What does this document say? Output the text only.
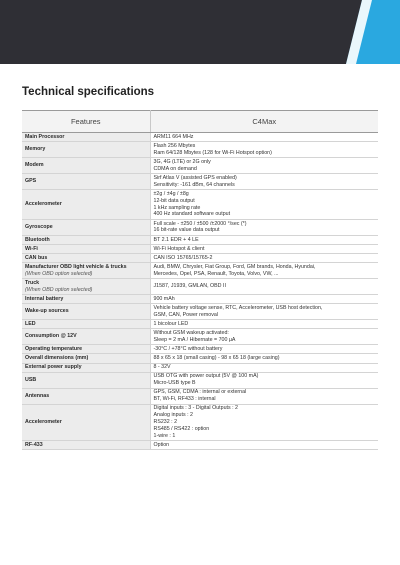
Technical specifications
Features	C4Max
Main Processor	ARM11 664 MHz

Memory	Flash 256 Mbytes
Ram 64/128 Mbytes (128 for Wi-Fi Hotspot option)

Modem	3G, 4G (LTE) or 2G only
CDMA on demand

GPS	Sirf Atlas V (assisted GPS enabled)
Sensitivity: -161 dBm, 64 channels

Accelerometer	±2g / ±4g / ±8g
12-bit data output
1 kHz sampling rate
400 Hz standard software output

Gyroscope	Full scale - ±250 / ±500 /±2000 °/sec (*)
16 bit-rate value data output

Bluetooth	BT 2.1 EDR + 4 LE

Wi-Fi	Wi-Fi Hotspot & client

CAN bus	CAN ISO 15765/15765-2

Manufacturer OBD light vehicle & trucks
(When OBD option selected)	Audi, BMW, Chrysler, Fiat Group, Ford, GM brands, Honda, Hyundai,
Mercedes, Opel, PSA, Renault, Toyota, Volvo, VW, ...

Truck
(When OBD option selected)	J1587, J1939, GMLAN, OBD II

Internal battery	900 mAh

Wake-up sources	Vehicle battery voltage sense, RTC, Accelerometer, USB host detection,
GSM, CAN, Power removal

LED	1 bicolour LED

Consumption @ 12V	Without GSM wakeup activated:
Sleep = 2 mA / Hibernate = 700 µA

Operating temperature	-30°C / +78°C without battery

Overall dimensions (mm)	88 x 65 x 18 (small casing) - 98 x 65 18 (large casing)

External power supply	8 - 32V

USB	USB OTG with power output (5V @ 100 mA)
Micro-USB type B

Antennas	GPS, GSM, CDMA : internal or external
BT, Wi-Fi, RF433 : internal

Accelerometer	Digital inputs : 3 - Digital Outputs : 2
Analog inputs : 2
RS232 : 2
RS485 / RS422 : option
1-wire : 1

RF-433	Option
